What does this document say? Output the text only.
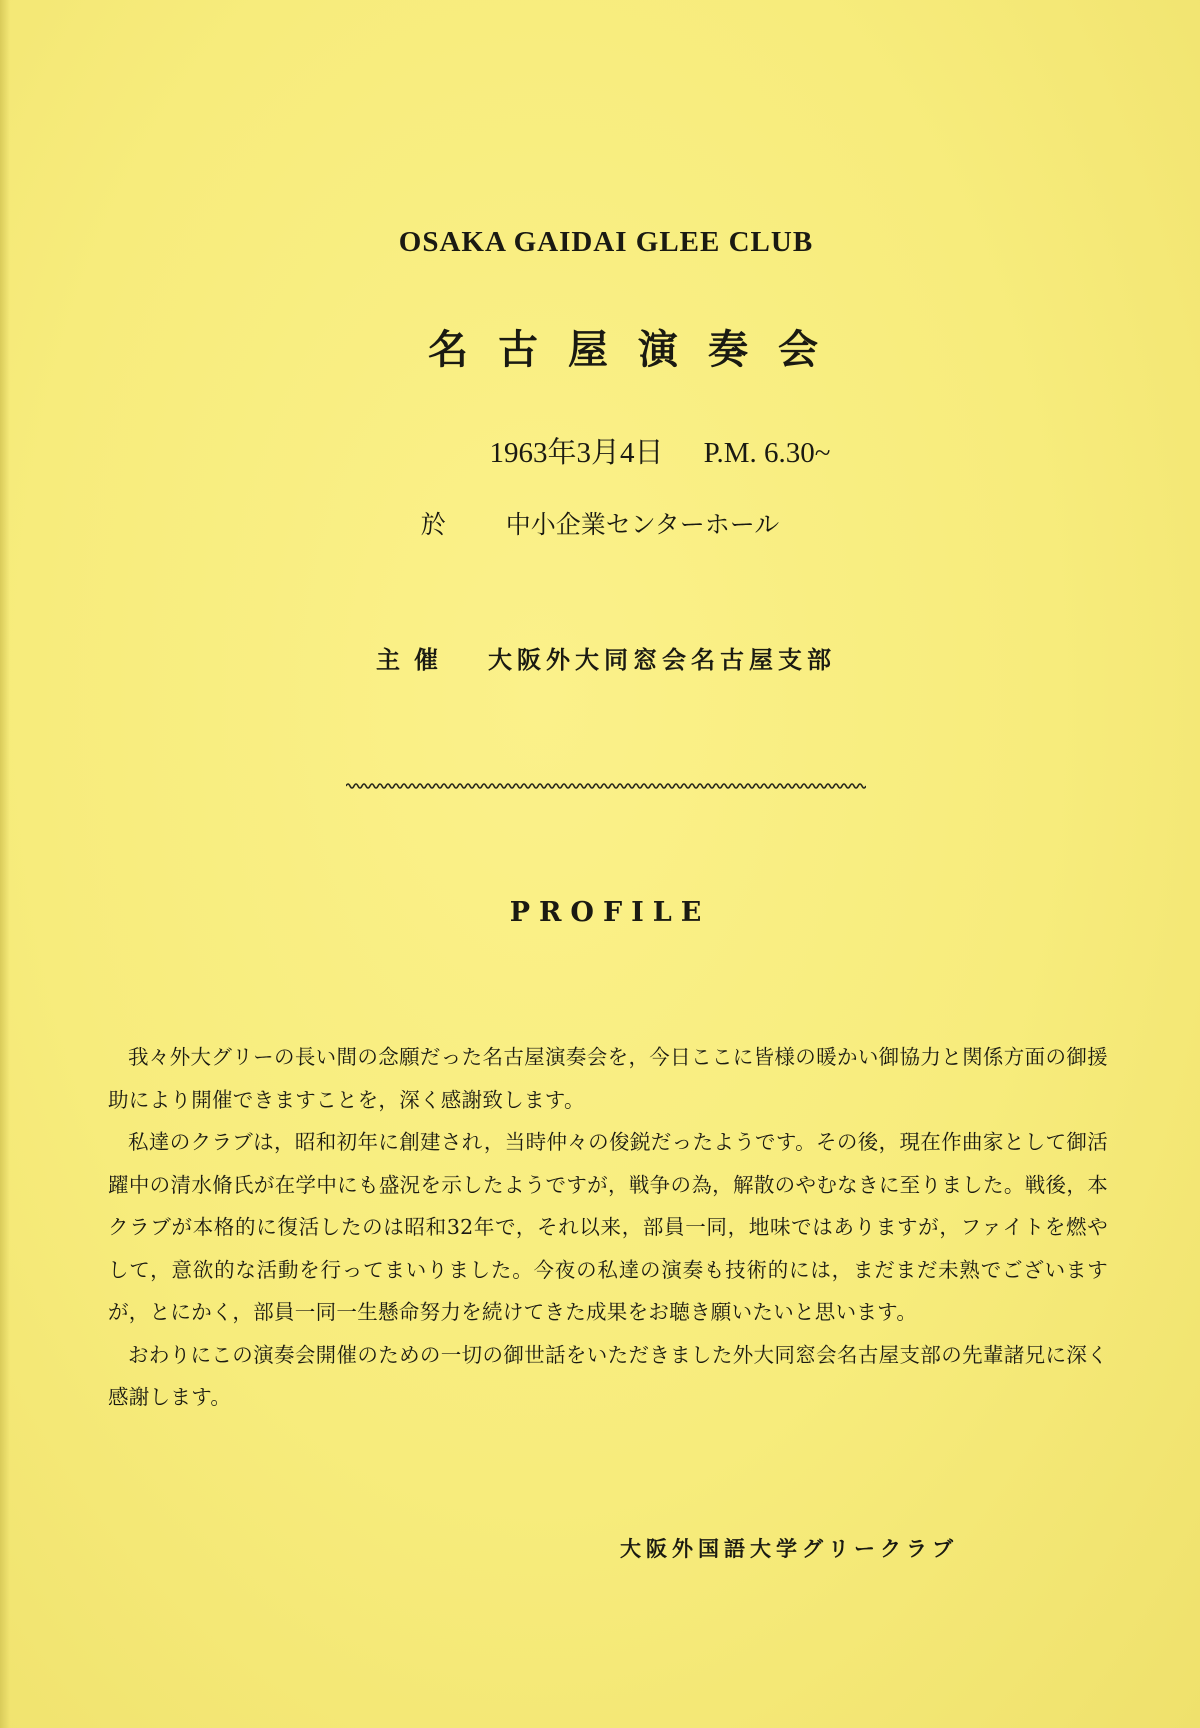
OSAKA GAIDAI GLEE CLUB
名古屋演奏会
1963年3月4日 P.M. 6.30~
於 中小企業センターホール
主催 大阪外大同窓会名古屋支部
PROFILE

我々外大グリーの長い間の念願だった名古屋演奏会を，今日ここに皆様の暖かい御協力と関係方面の御援助により開催できますことを，深く感謝致します。

私達のクラブは，昭和初年に創建され，当時仲々の俊鋭だったようです。その後，現在作曲家として御活躍中の清水脩氏が在学中にも盛況を示したようですが，戦争の為，解散のやむなきに至りました。戦後，本クラブが本格的に復活したのは昭和32年で，それ以来，部員一同，地味ではありますが，ファイトを燃やして，意欲的な活動を行ってまいりました。今夜の私達の演奏も技術的には，まだまだ未熟でございますが，とにかく，部員一同一生懸命努力を続けてきた成果をお聴き願いたいと思います。

おわりにこの演奏会開催のための一切の御世話をいただきました外大同窓会名古屋支部の先輩諸兄に深く感謝します。

大阪外国語大学グリークラブ
